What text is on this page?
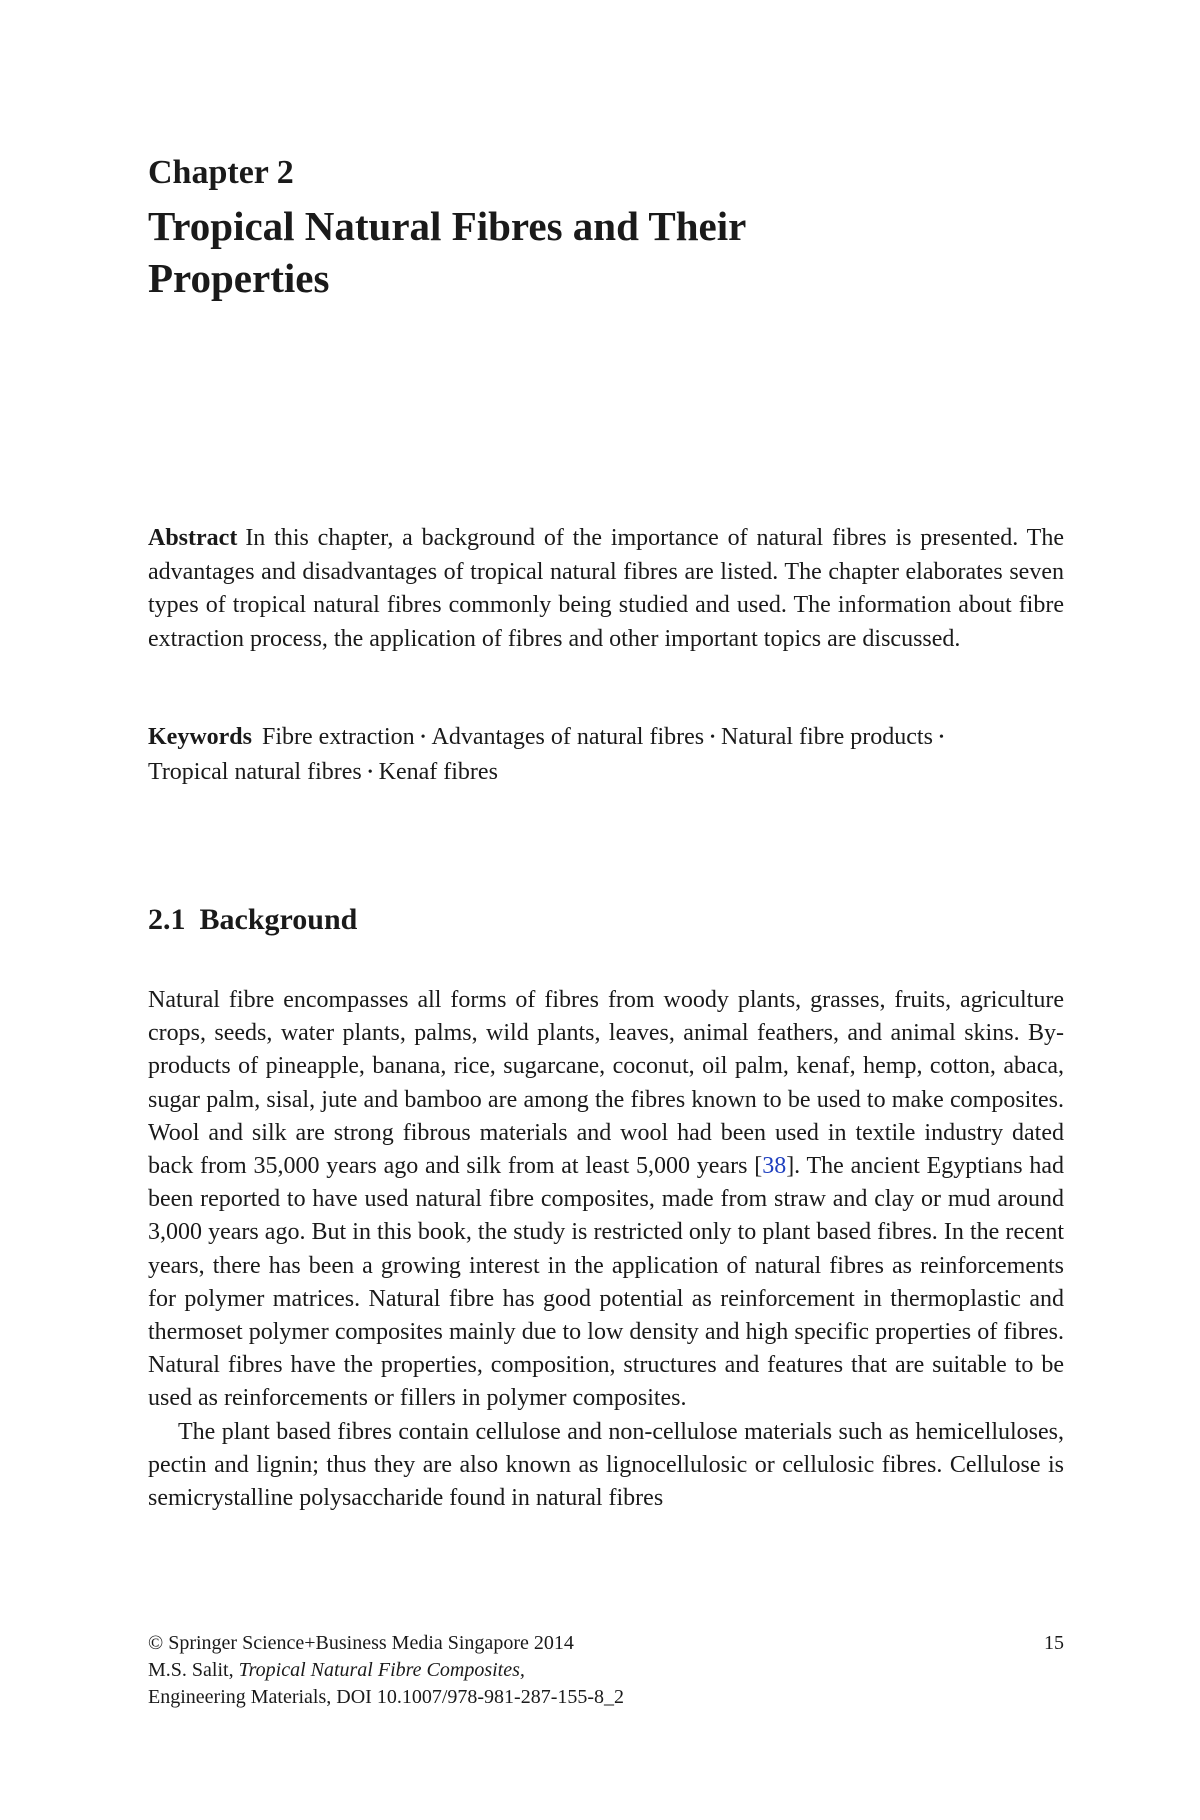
Chapter 2
Tropical Natural Fibres and Their Properties

Abstract In this chapter, a background of the importance of natural fibres is presented. The advantages and disadvantages of tropical natural fibres are listed. The chapter elaborates seven types of tropical natural fibres commonly being studied and used. The information about fibre extraction process, the application of fibres and other important topics are discussed.

Keywords Fibre extraction • Advantages of natural fibres • Natural fibre products •
Tropical natural fibres • Kenaf fibres

2.1 Background

Natural fibre encompasses all forms of fibres from woody plants, grasses, fruits, agriculture crops, seeds, water plants, palms, wild plants, leaves, animal feathers, and animal skins. By-products of pineapple, banana, rice, sugarcane, coconut, oil palm, kenaf, hemp, cotton, abaca, sugar palm, sisal, jute and bamboo are among the fibres known to be used to make composites. Wool and silk are strong fibrous materials and wool had been used in textile industry dated back from 35,000 years ago and silk from at least 5,000 years [38]. The ancient Egyptians had been reported to have used natural fibre composites, made from straw and clay or mud around 3,000 years ago. But in this book, the study is restricted only to plant based fibres. In the recent years, there has been a growing interest in the application of natural fibres as reinforcements for polymer matrices. Natural fibre has good potential as reinforcement in thermoplastic and thermoset polymer composites mainly due to low density and high specific properties of fibres. Natural fibres have the properties, composition, structures and features that are suitable to be used as reinforcements or fillers in polymer composites.

The plant based fibres contain cellulose and non-cellulose materials such as hemicelluloses, pectin and lignin; thus they are also known as lignocellulosic or cellulosic fibres. Cellulose is semicrystalline polysaccharide found in natural fibres

© Springer Science+Business Media Singapore 2014	15
M.S. Salit, Tropical Natural Fibre Composites,
Engineering Materials, DOI 10.1007/978-981-287-155-8_2
